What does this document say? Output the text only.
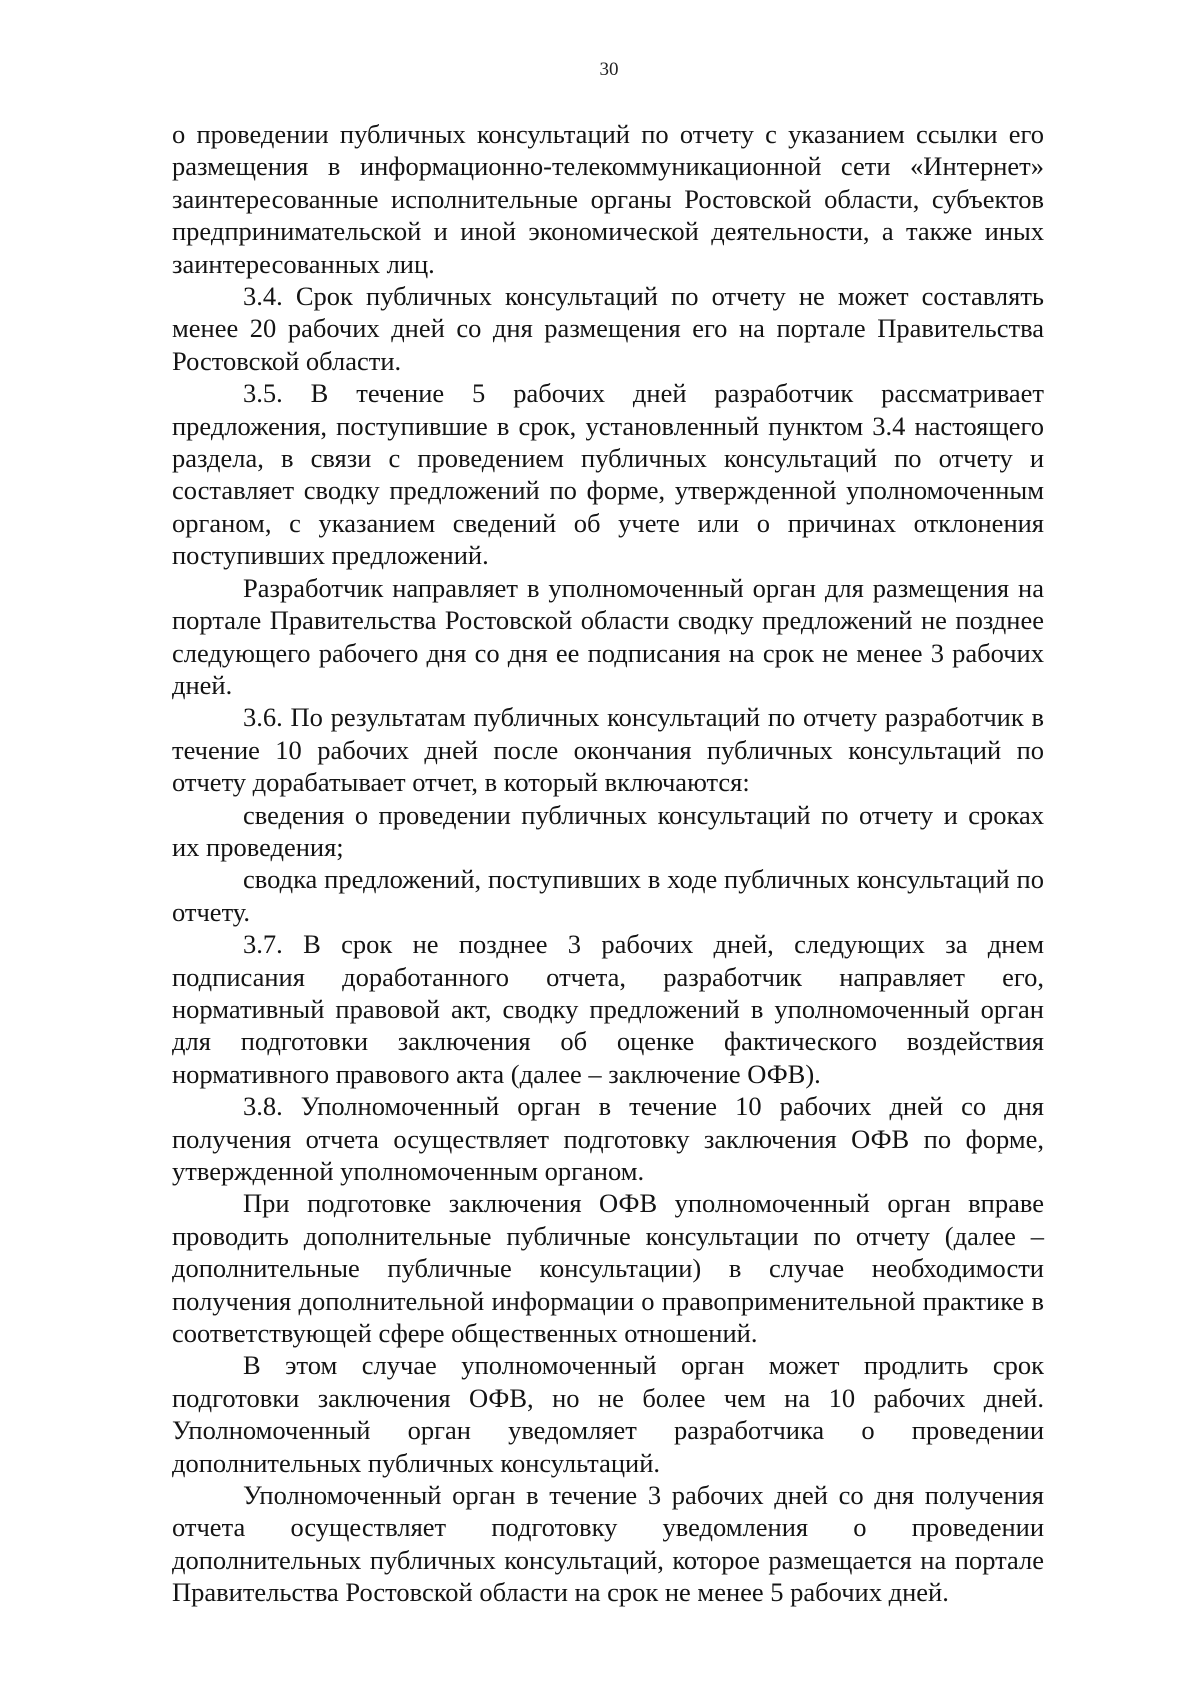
30

о проведении публичных консультаций по отчету с указанием ссылки его размещения в информационно-телекоммуникационной сети «Интернет» заинтересованные исполнительные органы Ростовской области, субъектов предпринимательской и иной экономической деятельности, а также иных заинтересованных лиц.

3.4. Срок публичных консультаций по отчету не может составлять менее 20 рабочих дней со дня размещения его на портале Правительства Ростовской области.

3.5. В течение 5 рабочих дней разработчик рассматривает предложения, поступившие в срок, установленный пунктом 3.4 настоящего раздела, в связи с проведением публичных консультаций по отчету и составляет сводку предложений по форме, утвержденной уполномоченным органом, с указанием сведений об учете или о причинах отклонения поступивших предложений.

Разработчик направляет в уполномоченный орган для размещения на портале Правительства Ростовской области сводку предложений не позднее следующего рабочего дня со дня ее подписания на срок не менее 3 рабочих дней.

3.6. По результатам публичных консультаций по отчету разработчик в течение 10 рабочих дней после окончания публичных консультаций по отчету дорабатывает отчет, в который включаются:

сведения о проведении публичных консультаций по отчету и сроках их проведения;

сводка предложений, поступивших в ходе публичных консультаций по отчету.

3.7. В срок не позднее 3 рабочих дней, следующих за днем подписания доработанного отчета, разработчик направляет его, нормативный правовой акт, сводку предложений в уполномоченный орган для подготовки заключения об оценке фактического воздействия нормативного правового акта (далее – заключение ОФВ).

3.8. Уполномоченный орган в течение 10 рабочих дней со дня получения отчета осуществляет подготовку заключения ОФВ по форме, утвержденной уполномоченным органом.

При подготовке заключения ОФВ уполномоченный орган вправе проводить дополнительные публичные консультации по отчету (далее – дополнительные публичные консультации) в случае необходимости получения дополнительной информации о правоприменительной практике в соответствующей сфере общественных отношений.

В этом случае уполномоченный орган может продлить срок подготовки заключения ОФВ, но не более чем на 10 рабочих дней. Уполномоченный орган уведомляет разработчика о проведении дополнительных публичных консультаций.

Уполномоченный орган в течение 3 рабочих дней со дня получения отчета осуществляет подготовку уведомления о проведении дополнительных публичных консультаций, которое размещается на портале Правительства Ростовской области на срок не менее 5 рабочих дней.
